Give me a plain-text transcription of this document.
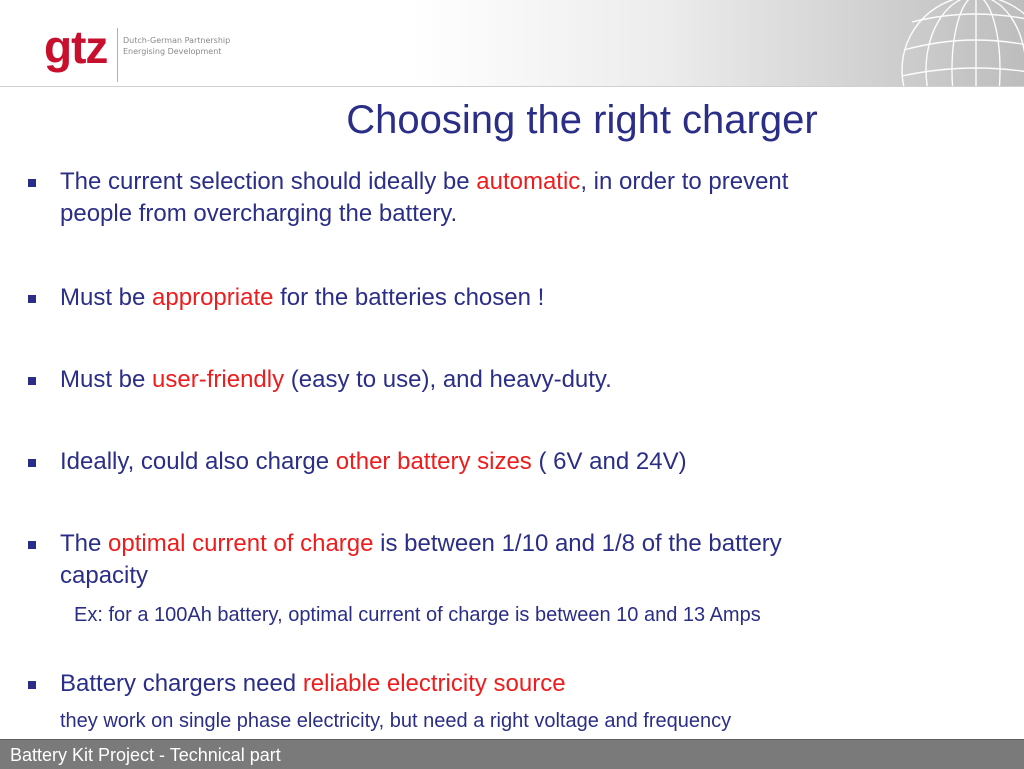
gtz Dutch-German Partnership
Energising Development
Choosing the right charger
The current selection should ideally be automatic, in order to prevent
people from overcharging the battery.
Must be appropriate for the batteries chosen !
Must be user-friendly (easy to use), and heavy-duty.
Ideally, could also charge other battery sizes ( 6V and 24V)
The optimal current of charge is between 1/10 and 1/8 of the battery
capacity
Ex: for a 100Ah battery, optimal current of charge is between 10 and 13 Amps
Battery chargers need reliable electricity source
they work on single phase electricity, but need a right voltage and frequency
Battery Kit Project - Technical part
